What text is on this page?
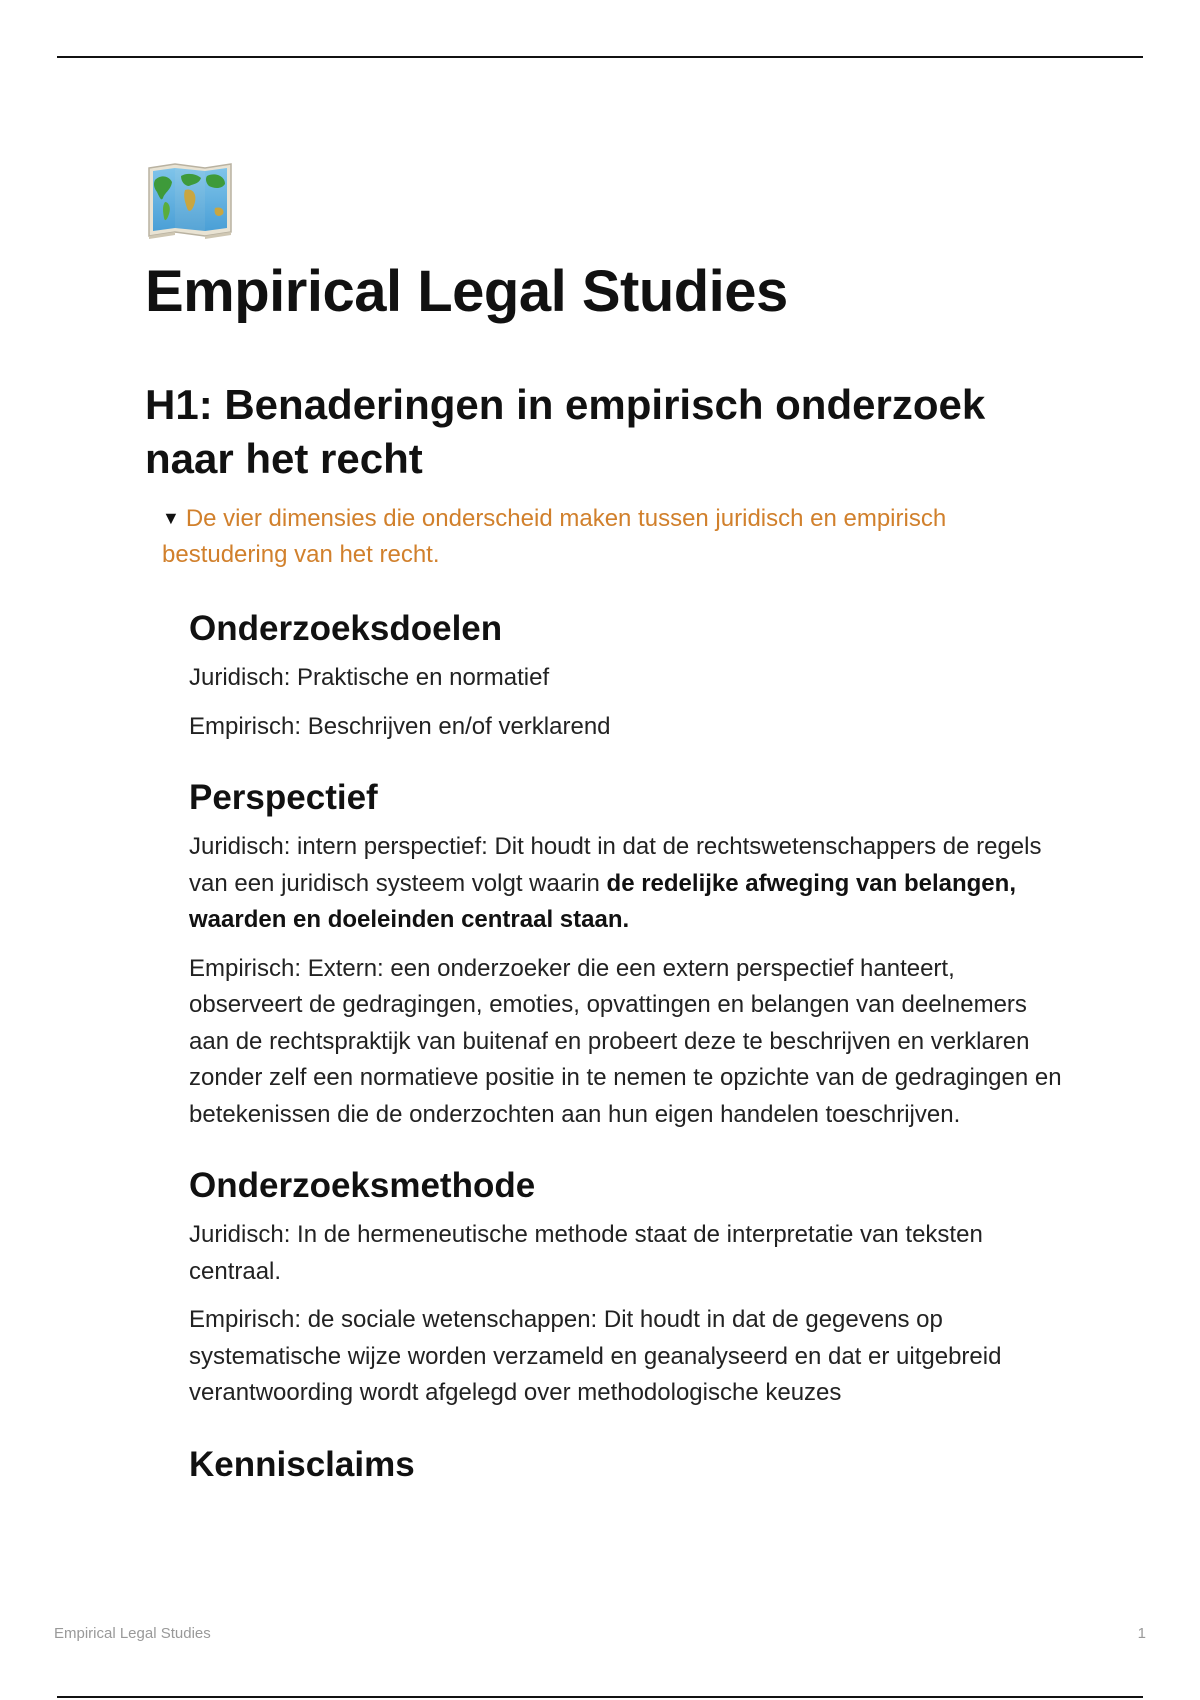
Empirical Legal Studies
H1: Benaderingen in empirisch onderzoek naar het recht
▼ De vier dimensies die onderscheid maken tussen juridisch en empirisch bestudering van het recht.
Onderzoeksdoelen

Juridisch: Praktische en normatief

Empirisch: Beschrijven en/of verklarend

Perspectief

Juridisch: intern perspectief: Dit houdt in dat de rechtswetenschappers de regels van een juridisch systeem volgt waarin de redelijke afweging van belangen, waarden en doeleinden centraal staan.

Empirisch: Extern: een onderzoeker die een extern perspectief hanteert, observeert de gedragingen, emoties, opvattingen en belangen van deelnemers aan de rechtspraktijk van buitenaf en probeert deze te beschrijven en verklaren zonder zelf een normatieve positie in te nemen te opzichte van de gedragingen en betekenissen die de onderzochten aan hun eigen handelen toeschrijven.

Onderzoeksmethode

Juridisch: In de hermeneutische methode staat de interpretatie van teksten centraal.

Empirisch: de sociale wetenschappen: Dit houdt in dat de gegevens op systematische wijze worden verzameld en geanalyseerd en dat er uitgebreid verantwoording wordt afgelegd over methodologische keuzes

Kennisclaims
Empirical Legal Studies	1
